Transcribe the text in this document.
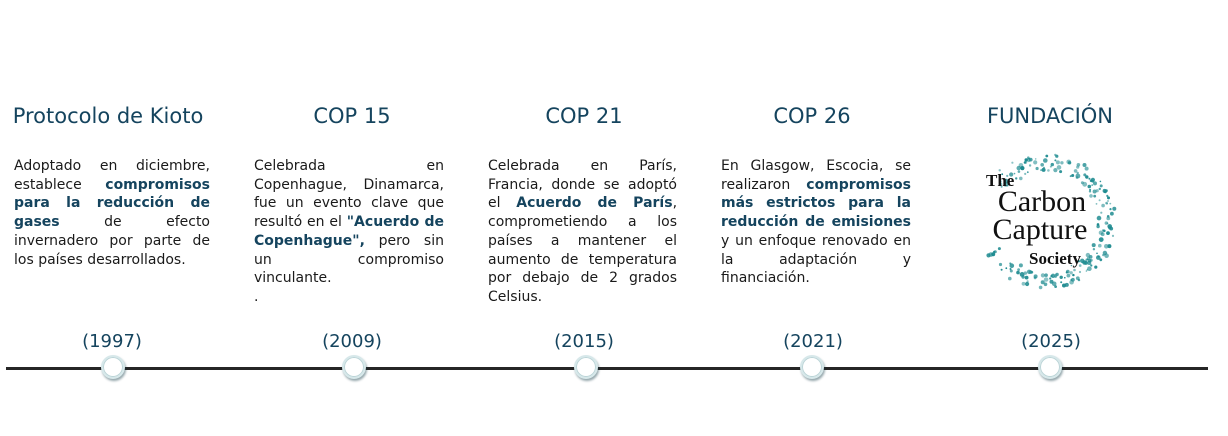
Protocolo de Kioto	COP 15	COP 21	COP 26	FUNDACIÓN
Adoptado en diciembre, establece compromisos para la reducción de gases de efecto invernadero por parte de los países desarrollados.
Celebrada en Copenhague, Dinamarca, fue un evento clave que resultó en el "Acuerdo de Copenhague", pero sin un compromiso vinculante.
.
Celebrada en París, Francia, donde se adoptó el Acuerdo de París, comprometiendo a los países a mantener el aumento de temperatura por debajo de 2 grados Celsius.
En Glasgow, Escocia, se realizaron compromisos más estrictos para la reducción de emisiones y un enfoque renovado en la adaptación y financiación.
The
Carbon
Capture
Society
(1997)	(2009)	(2015)	(2021)	(2025)
